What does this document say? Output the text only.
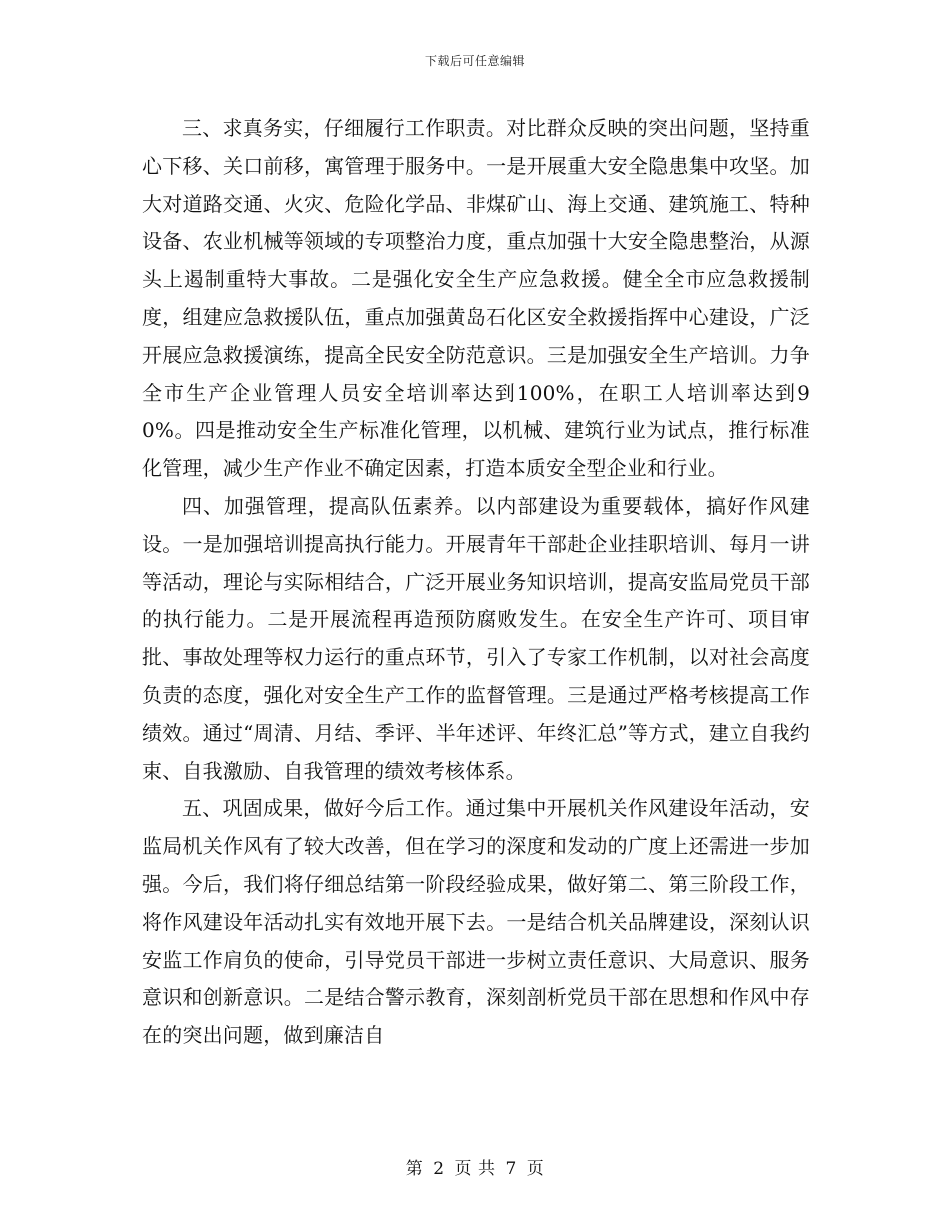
下载后可任意编辑

三、求真务实，仔细履行工作职责。对比群众反映的突出问题，坚持重心下移、关口前移，寓管理于服务中。一是开展重大安全隐患集中攻坚。加大对道路交通、火灾、危险化学品、非煤矿山、海上交通、建筑施工、特种设备、农业机械等领域的专项整治力度，重点加强十大安全隐患整治，从源头上遏制重特大事故。二是强化安全生产应急救援。健全全市应急救援制度，组建应急救援队伍，重点加强黄岛石化区安全救援指挥中心建设，广泛开展应急救援演练，提高全民安全防范意识。三是加强安全生产培训。力争全市生产企业管理人员安全培训率达到100%，在职工人培训率达到90%。四是推动安全生产标准化管理，以机械、建筑行业为试点，推行标准化管理，减少生产作业不确定因素，打造本质安全型企业和行业。

四、加强管理，提高队伍素养。以内部建设为重要载体，搞好作风建设。一是加强培训提高执行能力。开展青年干部赴企业挂职培训、每月一讲等活动，理论与实际相结合，广泛开展业务知识培训，提高安监局党员干部的执行能力。二是开展流程再造预防腐败发生。在安全生产许可、项目审批、事故处理等权力运行的重点环节，引入了专家工作机制，以对社会高度负责的态度，强化对安全生产工作的监督管理。三是通过严格考核提高工作绩效。通过“周清、月结、季评、半年述评、年终汇总”等方式，建立自我约束、自我激励、自我管理的绩效考核体系。

五、巩固成果，做好今后工作。通过集中开展机关作风建设年活动，安监局机关作风有了较大改善，但在学习的深度和发动的广度上还需进一步加强。今后，我们将仔细总结第一阶段经验成果，做好第二、第三阶段工作，将作风建设年活动扎实有效地开展下去。一是结合机关品牌建设，深刻认识安监工作肩负的使命，引导党员干部进一步树立责任意识、大局意识、服务意识和创新意识。二是结合警示教育，深刻剖析党员干部在思想和作风中存在的突出问题，做到廉洁自

第 2 页 共 7 页
